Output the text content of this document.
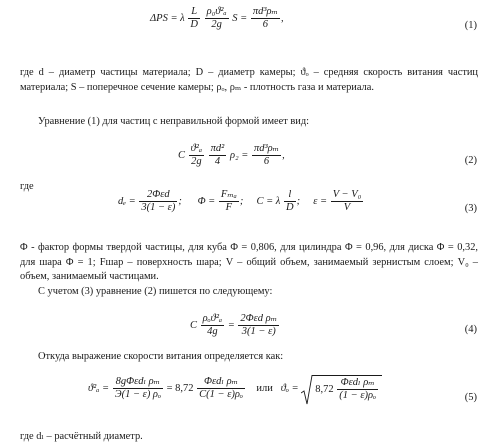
ΔPS = λ $\frac{L}{D}$
$\frac{\text{ρ₀ϑ²ₐ}}{2g}$ $S = \frac{\text{πd³ρₘ}}{6}$ ,
(1)

где d – диаметр частицы материала; D – диаметр камеры; ϑₒ – средняя скорость витания частиц материала; S – поперечное сечение камеры; ρₒ, ρₘ - плотность газа и материала.

Уравнение (1) для частиц с неправильной формой имеет вид:

C $\frac{\text{ϑ²ₐ}}{2g}$
$\frac{\text{πd²}}{4} \rho_2 = \frac{\text{πd³ρₘ}}{6}$ ,	(2)

где

$d_e = \frac{\text{2Φεd}}{3(1 - \varepsilon)}$ ; $\Phi = \frac{\text{Fₘₐ}}{F}$ ; C = λ $\frac{l}{D}$ ; $\varepsilon = \frac{\text{V − V₀}}{V}$	(3)

Φ - фактор формы твердой частицы, для куба Φ = 0,806, для цилиндра Φ = 0,96, для диска Φ = 0,32, для шара Φ = 1; Fшар – поверхность шара; V – общий объем, занимаемый зернистым слоем; V₀ – объем, занимаемый частицами.

С учетом (3) уравнение (2) пишется по следующему:

C $\frac{\text{ρₒϑ²ₐ}}{4g} = \frac{\text{2Φεd ρₘ}}{3(1 - \varepsilon)}$	(4)

Откуда выражение скорости витания определяется как:

$ϑ^2_a = \frac{\text{8gΦεdₗ ρₘ}}{\text{Э(1 − ε) ρₒ}} = 8,72 \frac{\text{Φεdₗ ρₘ}}{\text{C(1 − ε)ρₒ}}$ или $ϑ_o = 8,72 \frac{\text{Φεdₗ ρₘ}}{\text{(1 − ε)ρₒ}}$	(5)

где dₗ – расчётный диаметр.
